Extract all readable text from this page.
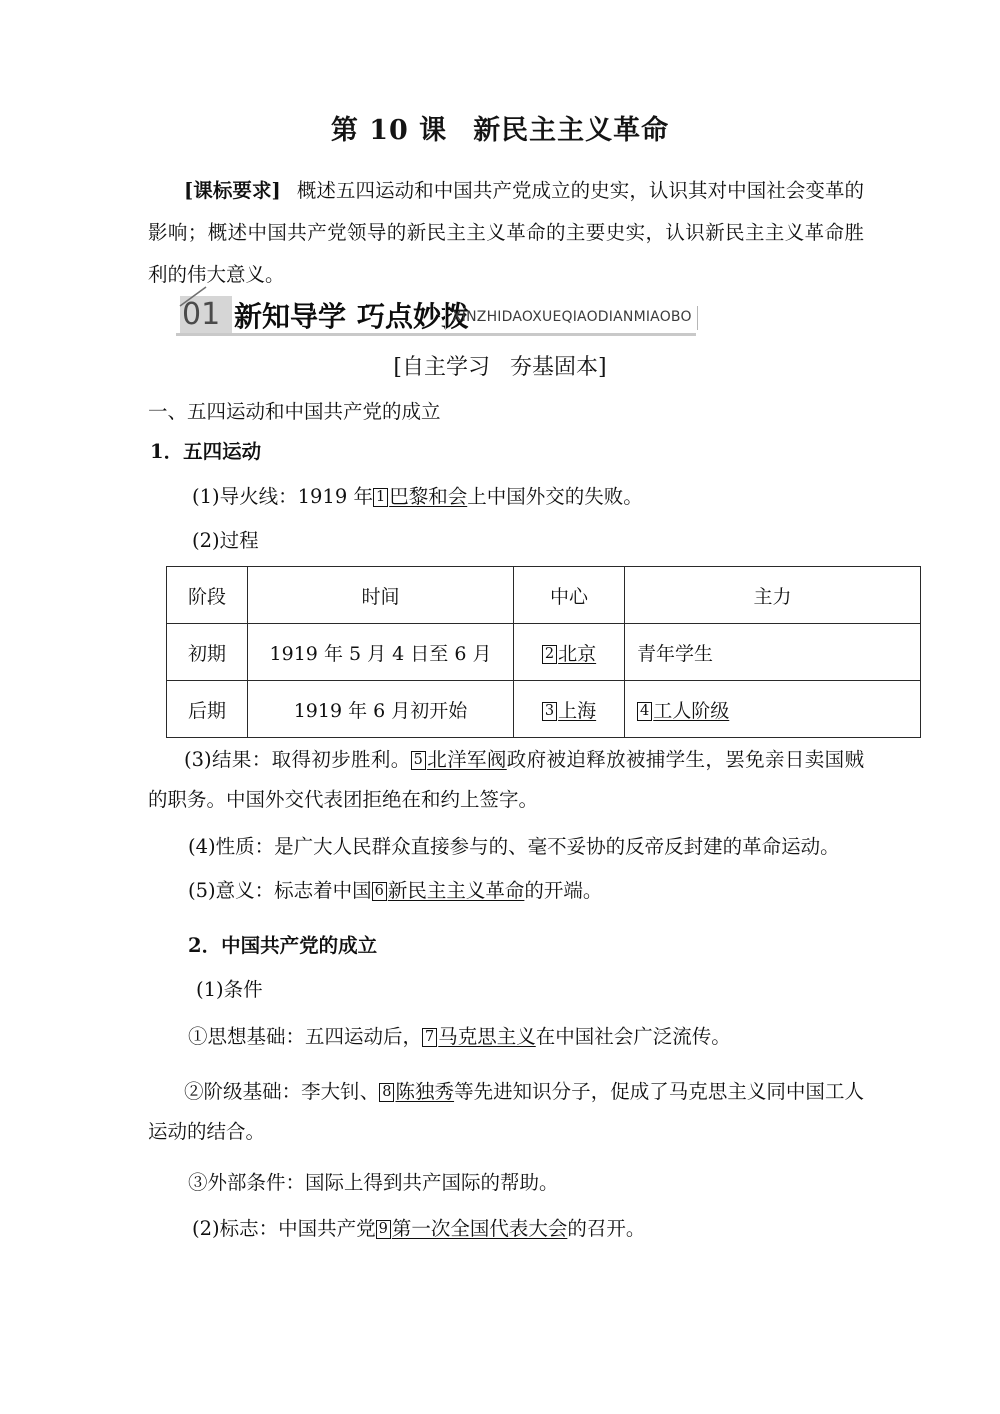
第 10 课 新民主主义革命
[课标要求] 概述五四运动和中国共产党成立的史实，认识其对中国社会变革的影响；概述中国共产党领导的新民主主义革命的主要史实，认识新民主主义革命胜利的伟大意义。
01 新知导学 巧点妙拨
XINZHIDAOXUEQIAODIANMIAOBO
[自主学习 夯基固本]
一、五四运动和中国共产党的成立
1．五四运动
(1)导火线：1919 年 1 巴黎和会上中国外交的失败。
(2)过程
阶段	时间	中心	主力
初期	1919 年 5 月 4 日至 6 月	2 北京	青年学生
后期	1919 年 6 月初开始	3 上海	4 工人阶级
(3)结果：取得初步胜利。 5 北洋军阀政府被迫释放被捕学生，罢免亲日卖国贼的职务。中国外交代表团拒绝在和约上签字。
(4)性质：是广大人民群众直接参与的、毫不妥协的反帝反封建的革命运动。
(5)意义：标志着中国 6 新民主主义革命的开端。
2．中国共产党的成立
(1)条件
①思想基础：五四运动后， 7 马克思主义在中国社会广泛流传。
②阶级基础：李大钊、 8 陈独秀等先进知识分子，促成了马克思主义同中国工人运动的结合。
③外部条件：国际上得到共产国际的帮助。
(2)标志：中国共产党 9 第一次全国代表大会的召开。
